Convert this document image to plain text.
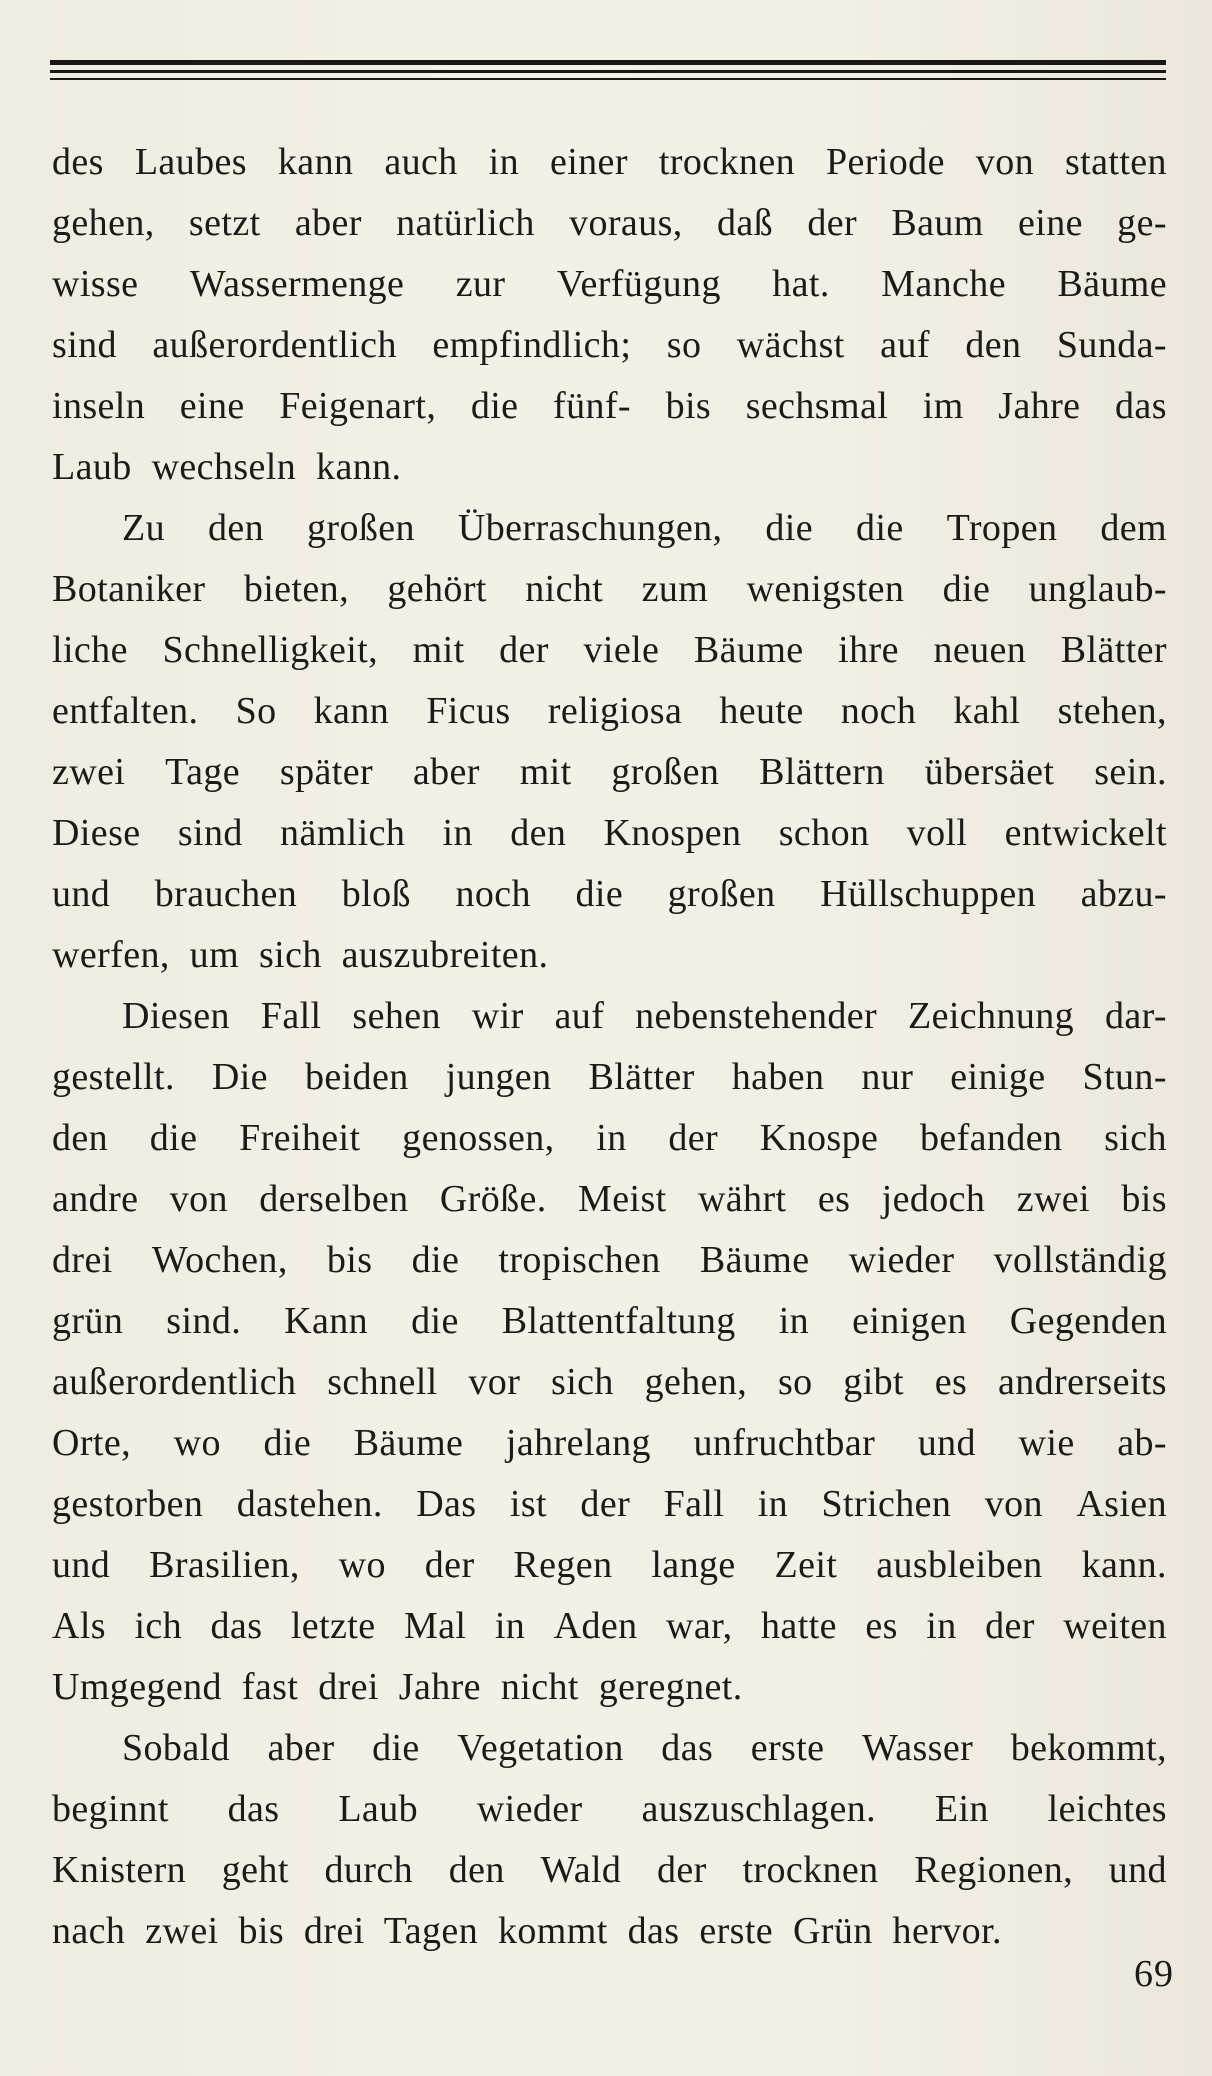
des Laubes kann auch in einer trocknen Periode von statten
gehen, setzt aber natürlich voraus, daß der Baum eine ge-
wisse Wassermenge zur Verfügung hat. Manche Bäume
sind außerordentlich empfindlich; so wächst auf den Sunda-
inseln eine Feigenart, die fünf- bis sechsmal im Jahre das
Laub wechseln kann.
Zu den großen Überraschungen, die die Tropen dem
Botaniker bieten, gehört nicht zum wenigsten die unglaub-
liche Schnelligkeit, mit der viele Bäume ihre neuen Blätter
entfalten. So kann Ficus religiosa heute noch kahl stehen,
zwei Tage später aber mit großen Blättern übersäet sein.
Diese sind nämlich in den Knospen schon voll entwickelt
und brauchen bloß noch die großen Hüllschuppen abzu-
werfen, um sich auszubreiten.
Diesen Fall sehen wir auf nebenstehender Zeichnung dar-
gestellt. Die beiden jungen Blätter haben nur einige Stun-
den die Freiheit genossen, in der Knospe befanden sich
andre von derselben Größe. Meist währt es jedoch zwei bis
drei Wochen, bis die tropischen Bäume wieder vollständig
grün sind. Kann die Blattentfaltung in einigen Gegenden
außerordentlich schnell vor sich gehen, so gibt es andrerseits
Orte, wo die Bäume jahrelang unfruchtbar und wie ab-
gestorben dastehen. Das ist der Fall in Strichen von Asien
und Brasilien, wo der Regen lange Zeit ausbleiben kann.
Als ich das letzte Mal in Aden war, hatte es in der weiten
Umgegend fast drei Jahre nicht geregnet.
Sobald aber die Vegetation das erste Wasser bekommt,
beginnt das Laub wieder auszuschlagen. Ein leichtes
Knistern geht durch den Wald der trocknen Regionen, und
nach zwei bis drei Tagen kommt das erste Grün hervor.
69
